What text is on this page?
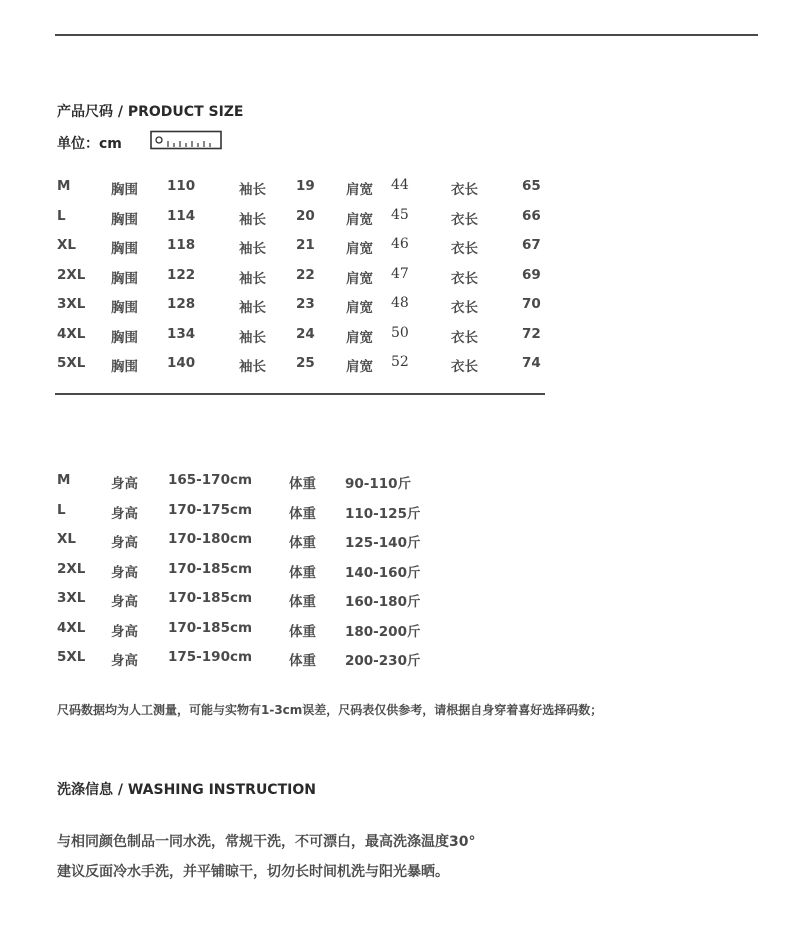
产品尺码 / PRODUCT SIZE
单位：cm
M	胸围 110	袖长 19 肩宽 44	衣长	65
L	胸围 114	袖长 20 肩宽 45	衣长	66
XL	胸围 118	袖长 21 肩宽 46	衣长	67
2XL 胸围 122	袖长 22 肩宽 47	衣长	69
3XL 胸围 128	袖长 23 肩宽 48	衣长	70
4XL 胸围 134	袖长 24 肩宽 50	衣长	72
5XL 胸围 140	袖长 25 肩宽 52	衣长	74
M	身高 165-170cm	体重 90-110斤
L	身高 170-175cm	体重 110-125斤
XL	身高 170-180cm	体重 125-140斤
2XL 身高 170-185cm	体重 140-160斤
3XL 身高 170-185cm	体重 160-180斤
4XL 身高 170-185cm	体重 180-200斤
5XL 身高 175-190cm	体重 200-230斤
尺码数据均为人工测量，可能与实物有1-3cm误差，尺码表仅供参考，请根据自身穿着喜好选择码数；
洗涤信息 / WASHING INSTRUCTION
与相同颜色制品一同水洗，常规干洗，不可漂白，最高洗涤温度30°
建议反面冷水手洗，并平铺晾干，切勿长时间机洗与阳光暴晒。
